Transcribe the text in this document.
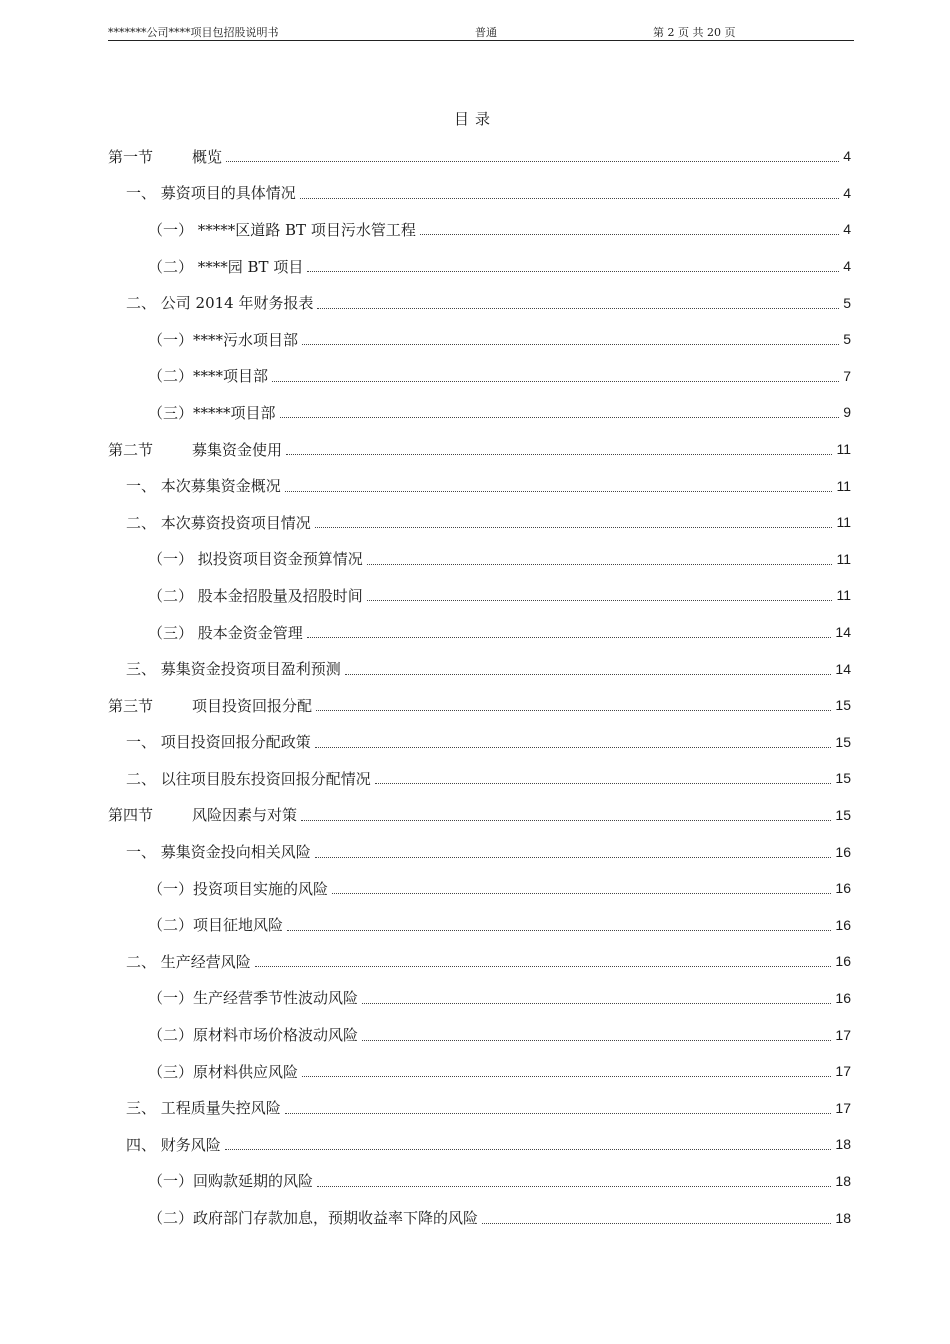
*******公司****项目包招股说明书	普通	第 2 页 共 20 页
目录
第一节	概览	4
一、 募资项目的具体情况	4
（一） *****区道路 BT 项目污水管工程	4
（二） ****园 BT 项目	4
二、 公司 2014 年财务报表	5
（一）****污水项目部	5
（二）****项目部	7
（三）*****项目部	9
第二节	募集资金使用	11
一、 本次募集资金概况	11
二、 本次募资投资项目情况	11
（一） 拟投资项目资金预算情况	11
（二） 股本金招股量及招股时间	11
（三） 股本金资金管理	14
三、 募集资金投资项目盈利预测	14
第三节	项目投资回报分配	15
一、 项目投资回报分配政策	15
二、 以往项目股东投资回报分配情况	15
第四节	风险因素与对策	15
一、 募集资金投向相关风险	16
（一）投资项目实施的风险	16
（二）项目征地风险	16
二、 生产经营风险	16
（一）生产经营季节性波动风险	16
（二）原材料市场价格波动风险	17
（三）原材料供应风险	17
三、 工程质量失控风险	17
四、 财务风险	18
（一）回购款延期的风险	18
（二）政府部门存款加息，预期收益率下降的风险	18
